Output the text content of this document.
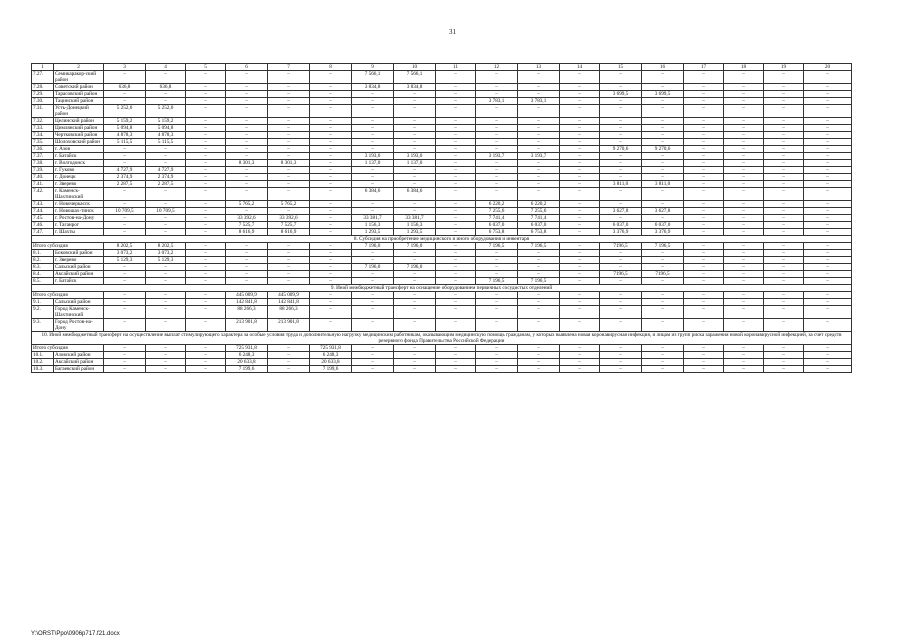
31
1	2	3	4	5	6	7	8	9	10	11	12	13	14	15	16	17	18	19	20
7.27.	Семикаракор-ский район	–	–	–	–	–	–	7 566,1	7 566,1	–	–	–	–	–	–	–	–	–	–
7.28.	Советский район	636,8	636,8	–	–	–	–	3 834,8	3 834,8	–	–	–	–	–	–	–	–	–	–
7.29.	Тарасовский район	–	–	–	–	–	–	–	–	–	–	–	–	3 699,5	3 699,5	–	–	–	–
7.30.	Тацинский район	–	–	–	–	–	–	–	–	–	3 783,1	3 783,1	–	–	–	–	–	–	–
7.31.	Усть-Донецкий район	5 252,0	5 252,0	–	–	–	–	–	–	–	–	–	–	–	–	–	–	–	–
7.32.	Целинский район	5 159,2	5 159,2	–	–	–	–	–	–	–	–	–	–	–	–	–	–	–	–
7.33.	Цимлянский район	5 094,8	5 094,8	–	–	–	–	–	–	–	–	–	–	–	–	–	–	–	–
7.34.	Чертковский район	4 878,3	4 878,3	–	–	–	–	–	–	–	–	–	–	–	–	–	–	–	–
7.35.	Шолоховский район	5 115,5	5 115,5	–	–	–	–	–	–	–	–	–	–	–	–	–	–	–	–
7.36.	г. Азов	–	–	–	–	–	–	–	–	–	–	–	–	9 270,6	9 270,6	–	–	–	–
7.37.	г. Батайск	–	–	–	–	–	–	3 193,0	3 193,0	–	3 193,7	3 193,7	–	–	–	–	–	–	–
7.38.	г. Волгодонск	–	–	–	8 301,3	8 301,3	–	1 137,0	1 137,0	–	–	–	–	–	–	–	–	–	–
7.39.	г. Гуково	4 727,9	4 727,9	–	–	–	–	–	–	–	–	–	–	–	–	–	–	–	–
7.40.	г. Донецк	2 374,9	2 374,9	–	–	–	–	–	–	–	–	–	–	–	–	–	–	–	–
7.41.	г. Зверево	2 287,5	2 287,5	–	–	–	–	–	–	–	–	–	–	3 811,0	3 811,0	–	–	–	–
7.42.	г. Каменск-Шахтинский	–	–	–	–	–	–	6 384,6	6 384,6	–	–	–	–	–	–	–	–	–	–
7.43.	г. Новочеркасск	–	–	–	5 765,2	5 765,2	–	–	–	–	6 220,2	6 220,2	–	–	–	–	–	–	–
7.44.	г. Новошах-тинск	10 709,5	10 709,5	–	–	–	–	–	–	–	7 255,6	7 255,6	–	3 627,8	3 627,8	–	–	–	–
7.45.	г. Ростов-на-Дону	–	–	–	33 392,6	33 392,6	–	33 381,7	33 381,7	–	7 741,4	7 741,4	–	–	–	–	–	–	–
7.46.	г. Таганрог	–	–	–	7 525,7	7 525,7	–	1 156,3	1 156,3	–	6 037,0	6 037,0	–	6 037,0	6 037,0	–	–	–	–
7.47.	г. Шахты	–	–	–	8 616,9	8 616,9	–	1 293,5	1 293,5	–	6 753,8	6 753,8	–	3 376,9	3 376,9	–	–	–	–
8. Субсидия на приобретение медицинского и иного оборудования и инвентаря																			
Итого субсидия		8 202,5	8 202,5	–	–	–	–	7 196,0	7 196,0	–	7 196,5	7 196,5	–	7196,5	7 196,5	–	–	–	–
8.1.	Боковский район	3 073,2	3 073,2	–	–	–	–	–	–	–	–	–	–	–	–	–	–	–	–
8.2.	г. Зверево	5 129,3	5 129,3	–	–	–	–	–	–	–	–	–	–	–	–	–	–	–	–
8.3.	Сальский район	–	–	–	–	–	–	7 196,0	7 196,0	–	–	–	–	–	–	–	–	–	–
8.4.	Аксайский район	–	–	–	–	–	–	–	–	–	–	–	–	7196,5	7196,5	–	–	–	–
8.5.	г. Батайск	–	–	–	–	–	–	–	–	–	7 196,5	7 196,5	–	–	–	–	–	–	–
9. Иной межбюджетный трансферт на оснащение оборудованием первичных сосудистых отделений																			
Итого субсидия		–	–	–	445 009,9	445 009,9	–	–	–	–	–	–	–	–	–	–	–	–	–
9.1.	Сальский район	–	–	–	142 841,8	142 841,8	–	–	–	–	–	–	–	–	–	–	–	–	–
9.2.	Город Каменск-Шахтинский	–	–	–	88 266,3	88 266,3	–	–	–	–	–	–	–	–	–	–	–	–	–
9.3.	Город Ростов-на-Дону	–	–	–	213 901,8	213 901,8	–	–	–	–	–	–	–	–	–	–	–	–	–
10. Иной межбюджетный трансферт на осуществление выплат стимулирующего характера за особые условия труда и дополнительную нагрузку медицинским работникам, оказывающим медицинскую помощь гражданам, у которых выявлена новая коронавирусная инфекция, и лицам из групп риска заражения новой коронавирусной инфекцией, за счет средств резервного фонда Правительства Российской Федерации																			
Итого субсидия		–	–	–	725 931,8	–	725 931,8	–	–	–	–	–	–	–	–	–	–	–	–
10.1.	Азовский район	–	–	–	6 248,3	–	6 248,3	–	–	–	–	–	–	–	–	–	–	–	–
10.2.	Аксайский район	–	–	–	20 633,8	–	20 633,8	–	–	–	–	–	–	–	–	–	–	–	–
10.3.	Багаевский район	–	–	–	7 199,6	–	7 199,6	–	–	–	–	–	–	–	–	–	–	–	–
Y:\ORST\Ppo\0906p717.f21.docx
